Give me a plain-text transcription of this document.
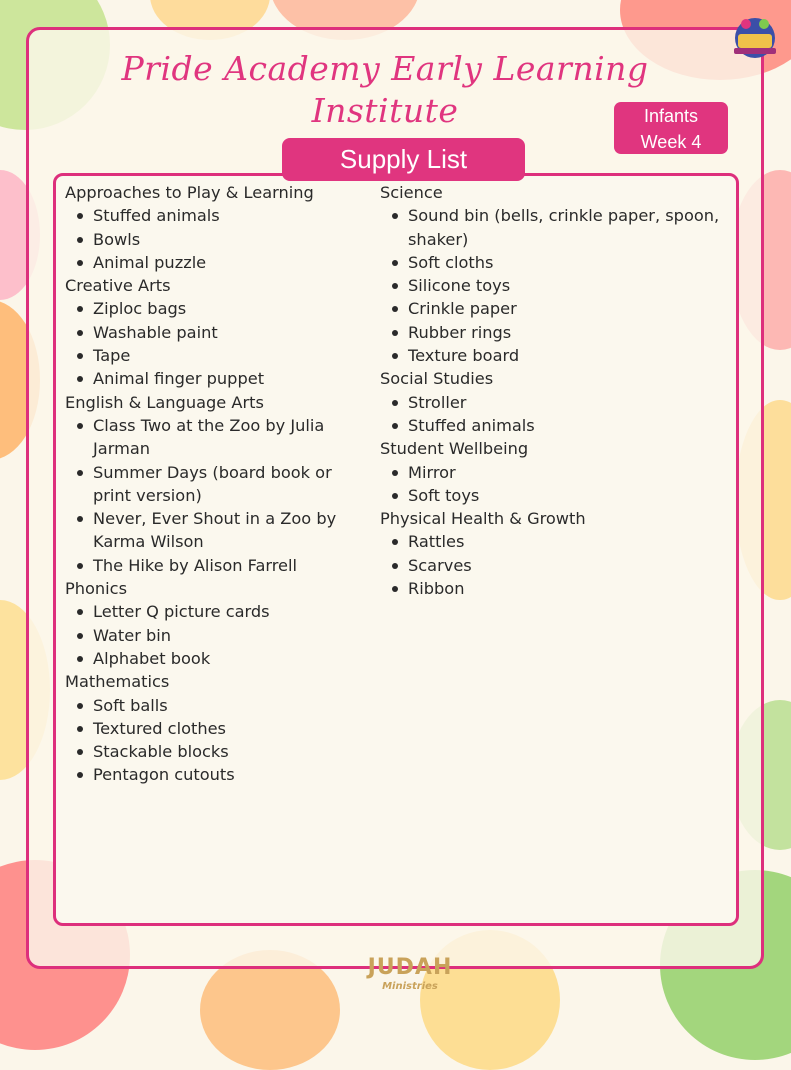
Pride Academy Early Learning
Institute	Infants
Week 4
Supply List
Approaches to Play & Learning
Stuffed animals
Bowls
Animal puzzle
Creative Arts
Ziploc bags
Washable paint
Tape
Animal finger puppet
English & Language Arts
Class Two at the Zoo by Julia
Jarman
Summer Days (board book or
print version)
Never, Ever Shout in a Zoo by
Karma Wilson
The Hike by Alison Farrell
Phonics
Letter Q picture cards
Water bin
Alphabet book
Mathematics
Soft balls
Textured clothes
Stackable blocks
Pentagon cutouts
Science
Sound bin (bells, crinkle paper, spoon,
shaker)
Soft cloths
Silicone toys
Crinkle paper
Rubber rings
Texture board
Social Studies
Stroller
Stuffed animals
Student Wellbeing
Mirror
Soft toys
Physical Health & Growth
Rattles
Scarves
Ribbon
JUDAH
Ministries
